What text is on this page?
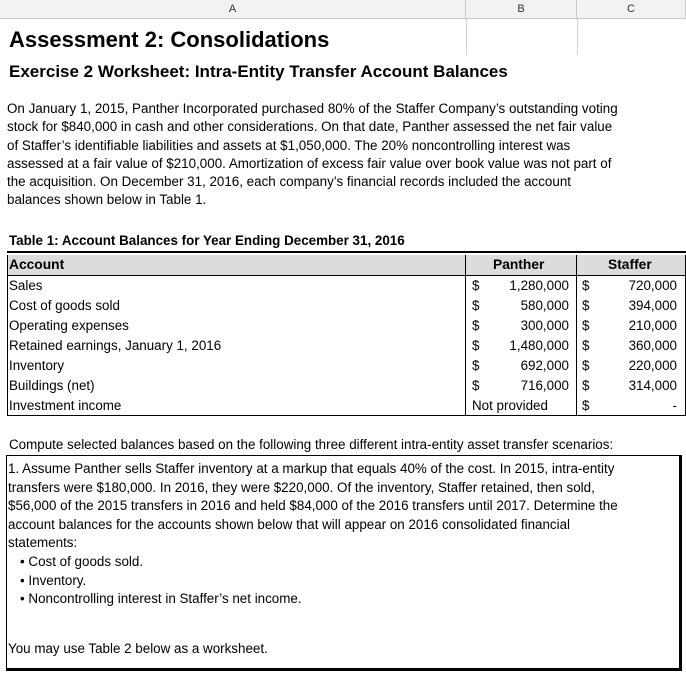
A	B	C
Assessment 2: Consolidations
Exercise 2 Worksheet: Intra-Entity Transfer Account Balances
On January 1, 2015, Panther Incorporated purchased 80% of the Staffer Company’s outstanding voting
stock for $840,000 in cash and other considerations. On that date, Panther assessed the net fair value
of Staffer’s identifiable liabilities and assets at $1,050,000. The 20% noncontrolling interest was
assessed at a fair value of $210,000. Amortization of excess fair value over book value was not part of
the acquisition. On December 31, 2016, each company’s financial records included the account
balances shown below in Table 1.
Table 1: Account Balances for Year Ending December 31, 2016
Account	Panther	Staffer
Sales	$	1,280,000 $	720,000
Cost of goods sold	$	580,000 $	394,000
Operating expenses	$	300,000 $	210,000
Retained earnings, January 1, 2016	$	1,480,000 $	360,000
Inventory	$	692,000 $	220,000
Buildings (net)	$	716,000 $	314,000
Investment income	Not provided	$	-
Compute selected balances based on the following three different intra-entity asset transfer scenarios:
1. Assume Panther sells Staffer inventory at a markup that equals 40% of the cost. In 2015, intra-entity
transfers were $180,000. In 2016, they were $220,000. Of the inventory, Staffer retained, then sold,
$56,000 of the 2015 transfers in 2016 and held $84,000 of the 2016 transfers until 2017. Determine the
account balances for the accounts shown below that will appear on 2016 consolidated financial
statements:
• Cost of goods sold.
• Inventory.
• Noncontrolling interest in Staffer’s net income.
You may use Table 2 below as a worksheet.
